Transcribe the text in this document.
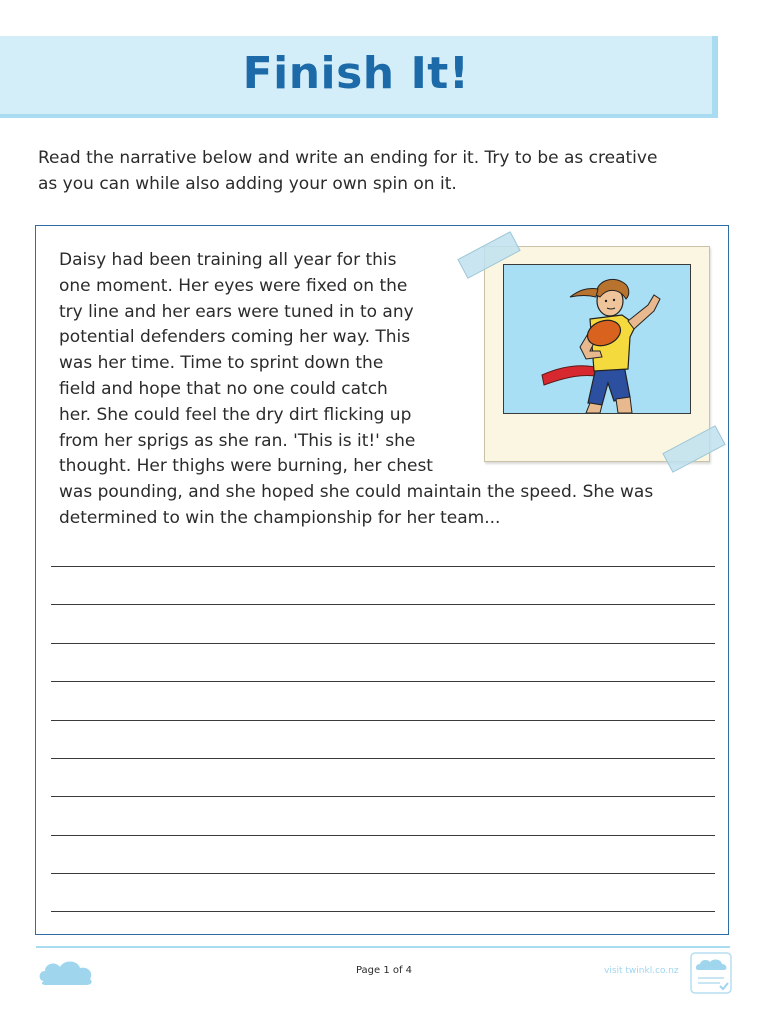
Finish It!
Read the narrative below and write an ending for it. Try to be as creative
as you can while also adding your own spin on it.
Daisy had been training all year for this
one moment. Her eyes were fixed on the
try line and her ears were tuned in to any
potential defenders coming her way. This
was her time. Time to sprint down the
field and hope that no one could catch
her. She could feel the dry dirt flicking up
from her sprigs as she ran. 'This is it!' she
thought. Her thighs were burning, her chest
was pounding, and she hoped she could maintain the speed. She was
determined to win the championship for her team...
Page 1 of 4	visit twinkl.co.nz
